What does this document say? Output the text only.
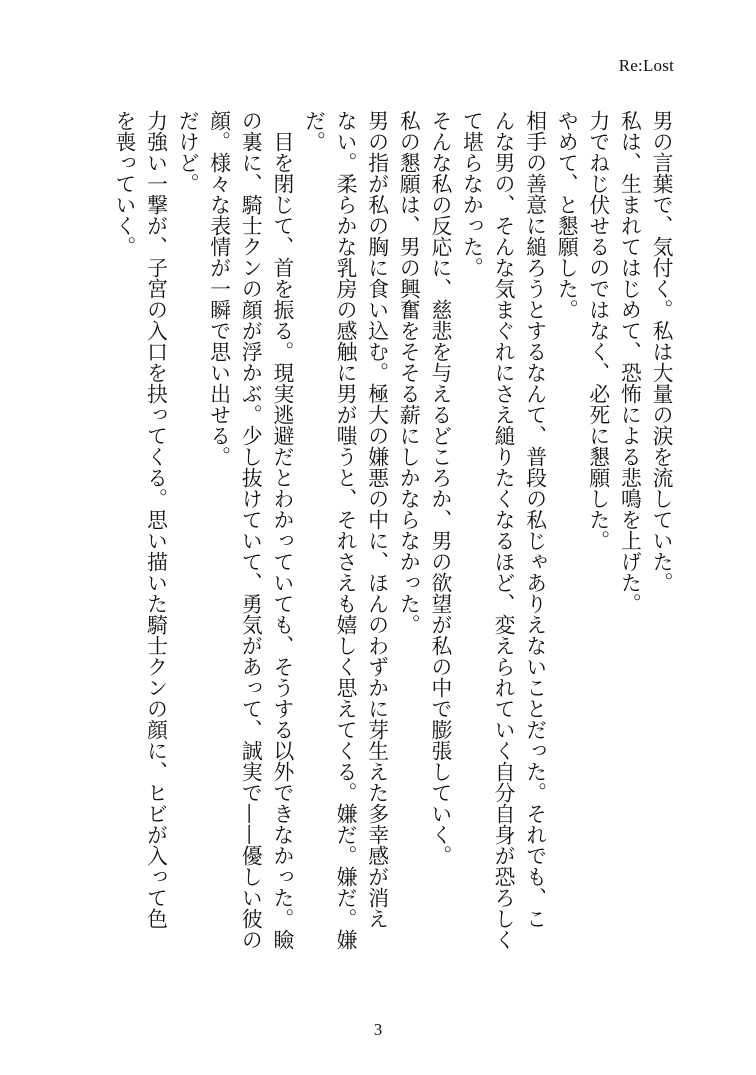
Re:Lost

男の言葉で、気付く。私は大量の涙を流していた。

私は、生まれてはじめて、恐怖による悲鳴を上げた。

力でねじ伏せるのではなく、必死に懇願した。

やめて、と懇願した。

相手の善意に縋ろうとするなんて、普段の私じゃありえないことだった。それでも、こ
んな男の、そんな気まぐれにさえ縋りたくなるほど、変えられていく自分自身が恐ろしく
て堪らなかった。

そんな私の反応に、慈悲を与えるどころか、男の欲望が私の中で膨張していく。

私の懇願は、男の興奮をそそる薪にしかならなかった。

男の指が私の胸に食い込む。極大の嫌悪の中に、ほんのわずかに芽生えた多幸感が消え
ない。柔らかな乳房の感触に男が嗤うと、それさえも嬉しく思えてくる。嫌だ。嫌だ。嫌
だ。

　目を閉じて、首を振る。現実逃避だとわかっていても、そうする以外できなかった。瞼
の裏に、騎士クンの顔が浮かぶ。少し抜けていて、勇気があって、誠実で——優しい彼の
顔。様々な表情が一瞬で思い出せる。
だけど。

力強い一撃が、子宮の入口を抉ってくる。思い描いた騎士クンの顔に、ヒビが入って色
を喪っていく。

3
